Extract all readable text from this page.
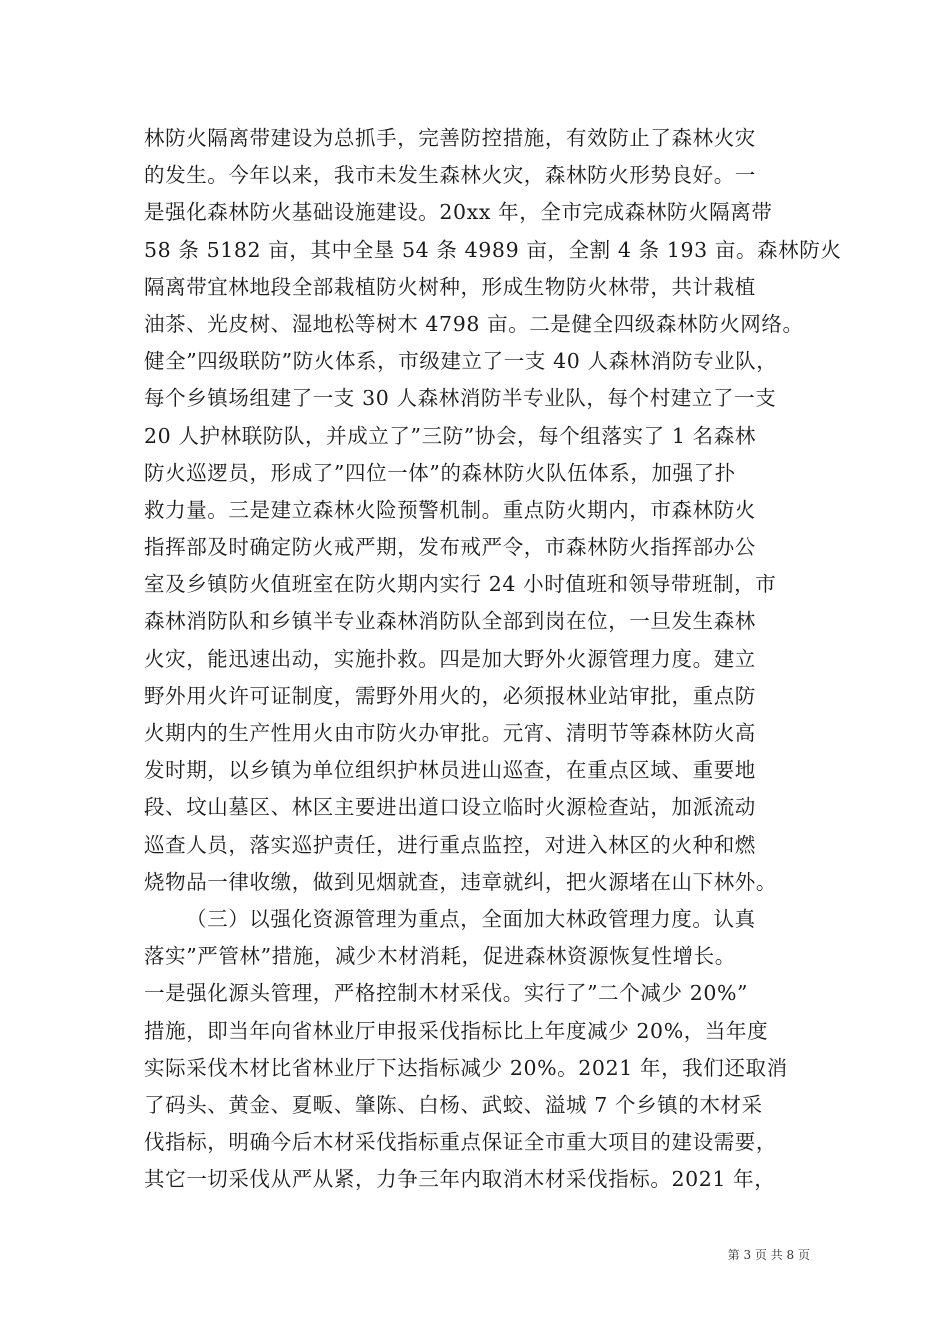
林防火隔离带建设为总抓手，完善防控措施，有效防止了森林火灾
的发生。今年以来，我市未发生森林火灾，森林防火形势良好。一
是强化森林防火基础设施建设。20xx 年，全市完成森林防火隔离带
58 条 5182 亩，其中全垦 54 条 4989 亩，全割 4 条 193 亩。森林防火
隔离带宜林地段全部栽植防火树种，形成生物防火林带，共计栽植
油茶、光皮树、湿地松等树木 4798 亩。二是健全四级森林防火网络。
健全”四级联防”防火体系，市级建立了一支 40 人森林消防专业队，
每个乡镇场组建了一支 30 人森林消防半专业队，每个村建立了一支
20 人护林联防队，并成立了”三防”协会，每个组落实了 1 名森林
防火巡逻员，形成了”四位一体”的森林防火队伍体系，加强了扑
救力量。三是建立森林火险预警机制。重点防火期内，市森林防火
指挥部及时确定防火戒严期，发布戒严令，市森林防火指挥部办公
室及乡镇防火值班室在防火期内实行 24 小时值班和领导带班制，市
森林消防队和乡镇半专业森林消防队全部到岗在位，一旦发生森林
火灾，能迅速出动，实施扑救。四是加大野外火源管理力度。建立
野外用火许可证制度，需野外用火的，必须报林业站审批，重点防
火期内的生产性用火由市防火办审批。元宵、清明节等森林防火高
发时期，以乡镇为单位组织护林员进山巡查，在重点区域、重要地
段、坟山墓区、林区主要进出道口设立临时火源检查站，加派流动
巡查人员，落实巡护责任，进行重点监控，对进入林区的火种和燃
烧物品一律收缴，做到见烟就查，违章就纠，把火源堵在山下林外。
（三）以强化资源管理为重点，全面加大林政管理力度。认真
落实”严管林”措施，减少木材消耗，促进森林资源恢复性增长。
一是强化源头管理，严格控制木材采伐。实行了”二个减少 20%”
措施，即当年向省林业厅申报采伐指标比上年度减少 20%，当年度
实际采伐木材比省林业厅下达指标减少 20%。2021 年，我们还取消
了码头、黄金、夏畈、肇陈、白杨、武蛟、溢城 7 个乡镇的木材采
伐指标，明确今后木材采伐指标重点保证全市重大项目的建设需要，
其它一切采伐从严从紧，力争三年内取消木材采伐指标。2021 年，
第 3 页 共 8 页
